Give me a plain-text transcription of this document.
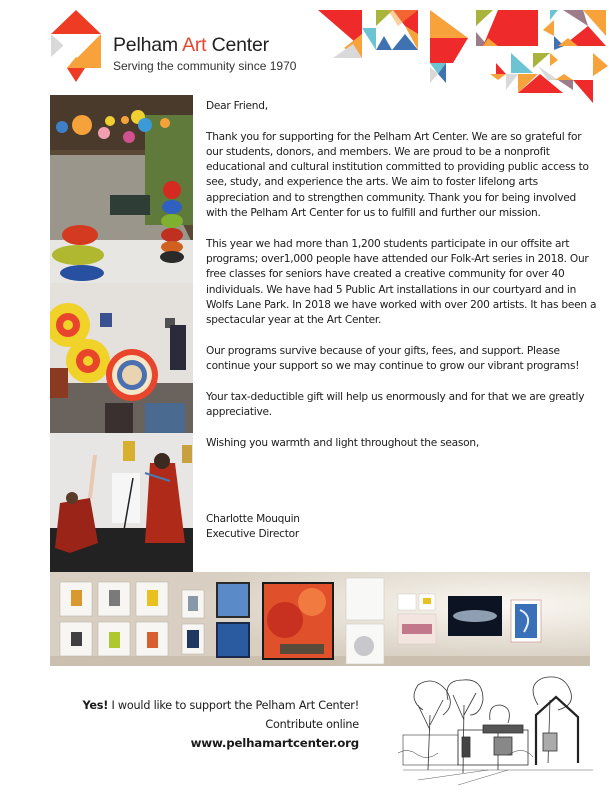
Pelham Art Center
Serving the community since 1970

Dear Friend,

Thank you for supporting for the Pelham Art Center. We are so grateful for our students, donors, and members. We are proud to be a nonprofit educational and cultural institution committed to providing public access to see, study, and experience the arts. We aim to foster lifelong arts appreciation and to strengthen community. Thank you for being involved with the Pelham Art Center for us to fulfill and further our mission.

This year we had more than 1,200 students participate in our offsite art programs; over1,000 people have attended our Folk-Art series in 2018. Our free classes for seniors have created a creative community for over 40 individuals. We have had 5 Public Art installations in our courtyard and in Wolfs Lane Park. In 2018 we have worked with over 200 artists. It has been a spectacular year at the Art Center.

Our programs survive because of your gifts, fees, and support. Please continue your support so we may continue to grow our vibrant programs!

Your tax-deductible gift will help us enormously and for that we are greatly appreciative.

Wishing you warmth and light throughout the season,

Charlotte Mouquin

Executive Director

Yes! I would like to support the Pelham Art Center!
Contribute online
www.pelhamartcenter.org
